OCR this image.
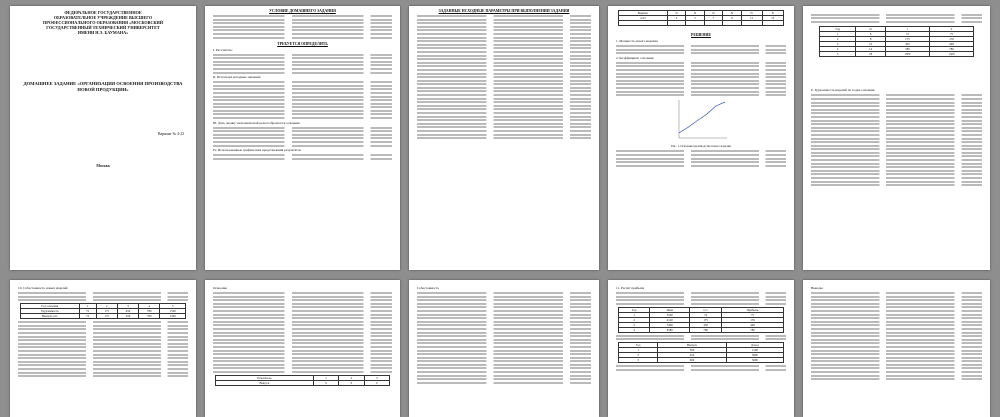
ФЕДЕРАЛЬНОЕ ГОСУДАРСТВЕННОЕ
ОБРАЗОВАТЕЛЬНОЕ УЧРЕЖДЕНИЕ ВЫСШЕГО
ПРОФЕССИОНАЛЬНОГО ОБРАЗОВАНИЯ «МОСКОВСКИЙ
ГОСУДАРСТВЕННЫЙ ТЕХНИЧЕСКИЙ УНИВЕРСИТЕТ
ИМЕНИ Н.Э. БАУМАНА»
ДОМАШНЕЕ ЗАДАНИЕ «ОРГАНИЗАЦИЯ ОСВОЕНИЯ ПРОИЗВОДСТВА НОВОЙ ПРОДУКЦИИ»
Вариант № 4-23
Москва
УСЛОВИЕ ДОМАШНЕГО ЗАДАНИЯ
ТРЕБУЕТСЯ ОПРЕДЕЛИТЬ
I. Рассчитать:
II. Используя исходные значения
III. Дать оценку экономической целесообразности освоения
IV. Использованные графические представления результатов
ЗАДАННЫЕ ИСХОДНЫЕ ПАРАМЕТРЫ ПРИ ВЫПОЛНЕНИИ ЗАДАНИЯ	Вариант	N	N	N	N	N	N
4-23	3	5	7	9	11	13

РЕШЕНИЕ
1. Мощность нового изделия
2. Коэффициент освоения
Рис. 1. Освоение производства нового изделия
Год	N	t	T
1	6	72	75
2	8	175	176
3	12	450	448
4	14	780	780
5	18	1500	1500
6. Трудоемкость изделий по годам освоения
10. Себестоимость новых изделий
Год освоения	1	2	3	4	5
Трудоёмкость	72	175	450	780	1500
Выпуск, шт.	72	175	450	780	1500
Освоение
Показатель	1	2	3
Выпуск	0	0	0
Себестоимость	11. Расчёт прибыли
Год	Цена	С/с	Прибыль
1	3560	72	75
2	4120	175	176
3	5400	450	448
4	6580	780	780
Год	Выпуск	Доход
1	300	1500
2	450	3800
3	600	5600
Выводы
